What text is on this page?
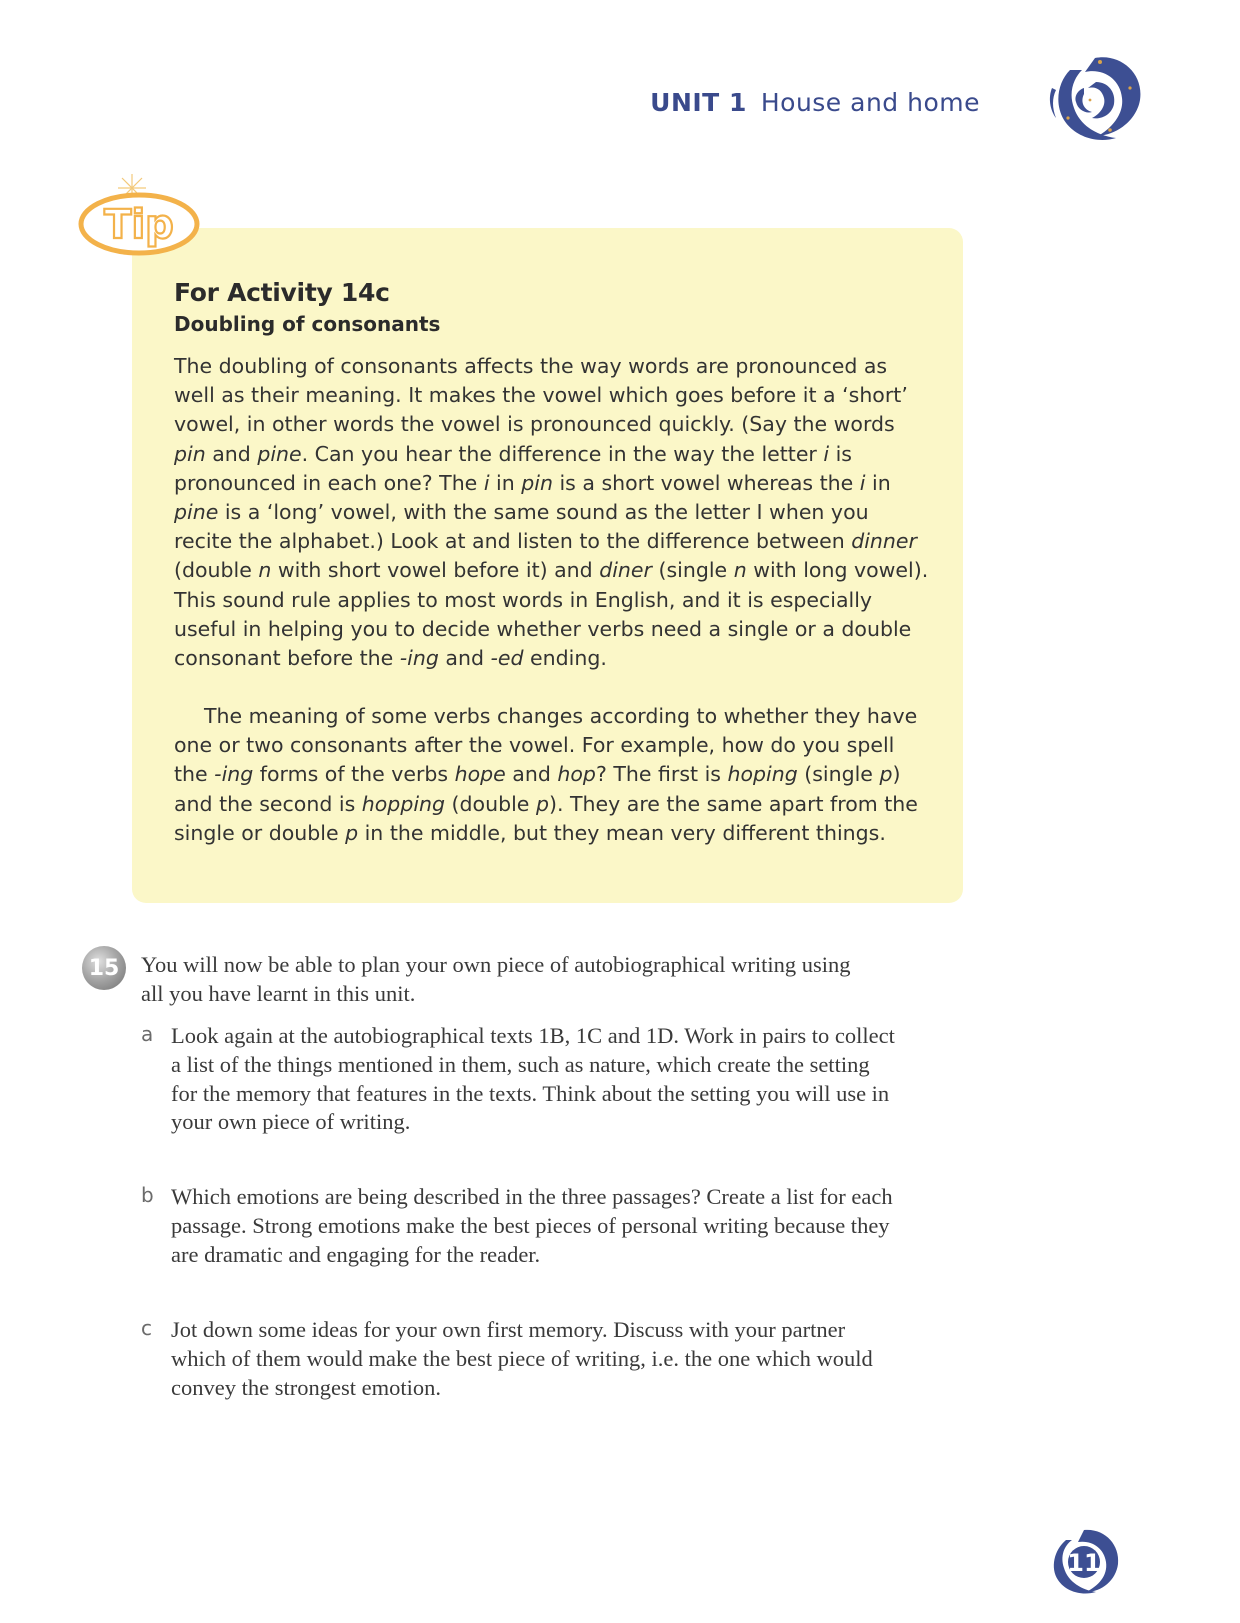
UNIT 1 House and home
Tip
For Activity 14c
Doubling of consonants

The doubling of consonants affects the way words are pronounced as well as their meaning. It makes the vowel which goes before it a ‘short’ vowel, in other words the vowel is pronounced quickly. (Say the words pin and pine. Can you hear the difference in the way the letter i is pronounced in each one? The i in pin is a short vowel whereas the i in pine is a ‘long’ vowel, with the same sound as the letter I when you recite the alphabet.) Look at and listen to the difference between dinner (double n with short vowel before it) and diner (single n with long vowel). This sound rule applies to most words in English, and it is especially useful in helping you to decide whether verbs need a single or a double consonant before the -ing and -ed ending.

The meaning of some verbs changes according to whether they have one or two consonants after the vowel. For example, how do you spell the -ing forms of the verbs hope and hop? The first is hoping (single p) and the second is hopping (double p). They are the same apart from the single or double p in the middle, but they mean very different things.

15 You will now be able to plan your own piece of autobiographical writing using all you have learnt in this unit.

a Look again at the autobiographical texts 1B, 1C and 1D. Work in pairs to collect a list of the things mentioned in them, such as nature, which create the setting for the memory that features in the texts. Think about the setting you will use in your own piece of writing.

b Which emotions are being described in the three passages? Create a list for each passage. Strong emotions make the best pieces of personal writing because they are dramatic and engaging for the reader.

c Jot down some ideas for your own first memory. Discuss with your partner which of them would make the best piece of writing, i.e. the one which would convey the strongest emotion.

11
